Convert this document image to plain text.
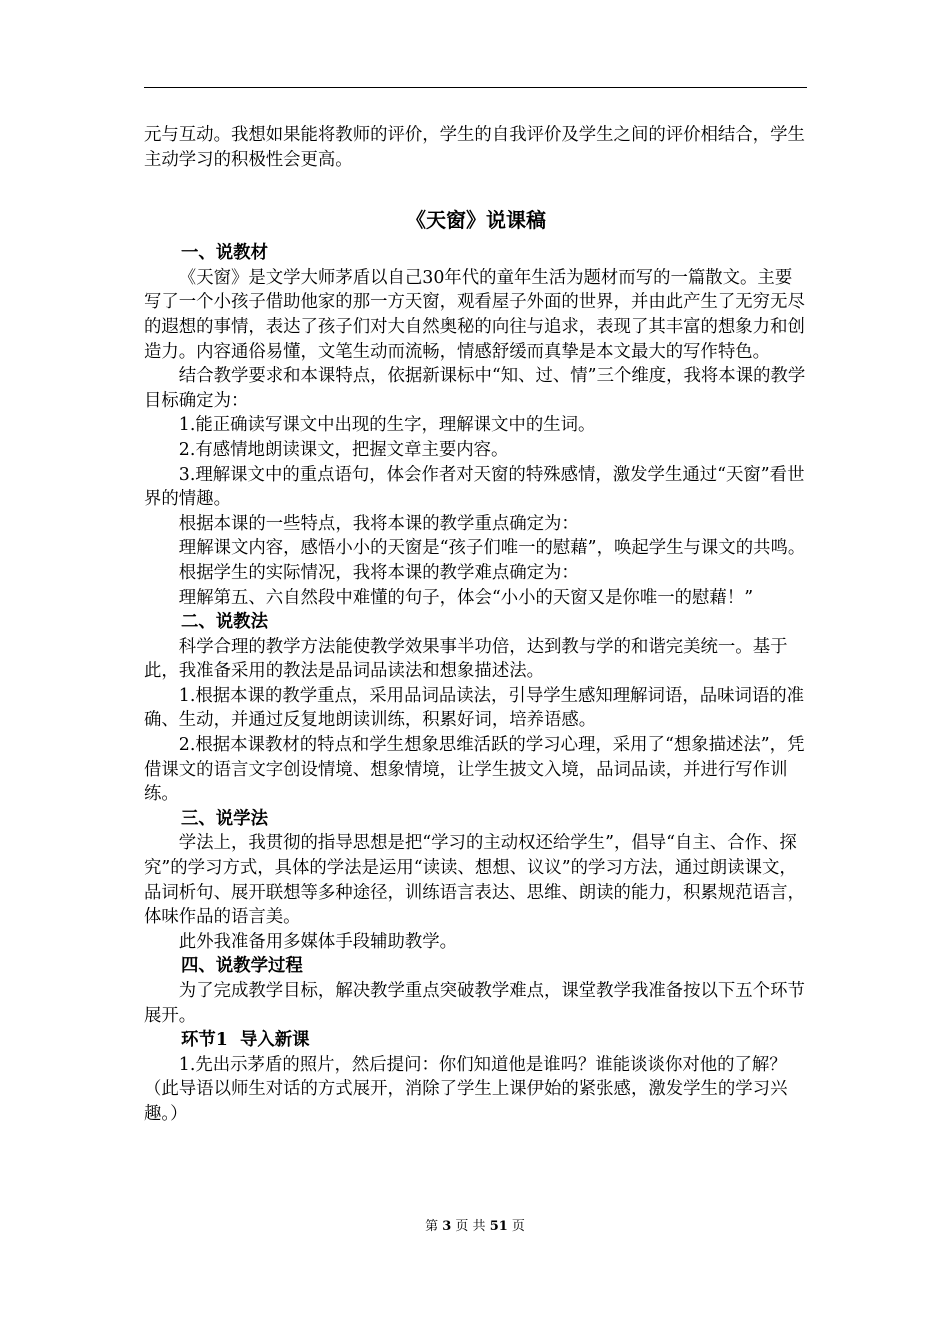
元与互动。我想如果能将教师的评价，学生的自我评价及学生之间的评价相结合，学生主动学习的积极性会更高。

《天窗》说课稿

一、说教材

《天窗》是文学大师茅盾以自己30年代的童年生活为题材而写的一篇散文。主要写了一个小孩子借助他家的那一方天窗，观看屋子外面的世界，并由此产生了无穷无尽的遐想的事情，表达了孩子们对大自然奥秘的向往与追求，表现了其丰富的想象力和创造力。内容通俗易懂，文笔生动而流畅，情感舒缓而真挚是本文最大的写作特色。

结合教学要求和本课特点，依据新课标中“知、过、情”三个维度，我将本课的教学目标确定为：

1.能正确读写课文中出现的生字，理解课文中的生词。

2.有感情地朗读课文，把握文章主要内容。

3.理解课文中的重点语句，体会作者对天窗的特殊感情，激发学生通过“天窗”看世界的情趣。

根据本课的一些特点，我将本课的教学重点确定为：

理解课文内容，感悟小小的天窗是“孩子们唯一的慰藉”，唤起学生与课文的共鸣。

根据学生的实际情况，我将本课的教学难点确定为：

理解第五、六自然段中难懂的句子，体会“小小的天窗又是你唯一的慰藉！”

二、说教法

科学合理的教学方法能使教学效果事半功倍，达到教与学的和谐完美统一。基于此，我准备采用的教法是品词品读法和想象描述法。

1.根据本课的教学重点，采用品词品读法，引导学生感知理解词语，品味词语的准确、生动，并通过反复地朗读训练，积累好词，培养语感。

2.根据本课教材的特点和学生想象思维活跃的学习心理，采用了“想象描述法”，凭借课文的语言文字创设情境、想象情境，让学生披文入境，品词品读，并进行写作训练。

三、说学法

学法上，我贯彻的指导思想是把“学习的主动权还给学生”，倡导“自主、合作、探究”的学习方式，具体的学法是运用“读读、想想、议议”的学习方法，通过朗读课文，品词析句、展开联想等多种途径，训练语言表达、思维、朗读的能力，积累规范语言，体味作品的语言美。

此外我准备用多媒体手段辅助教学。

四、说教学过程

为了完成教学目标，解决教学重点突破教学难点，课堂教学我准备按以下五个环节展开。

环节1  导入新课

1.先出示茅盾的照片，然后提问：你们知道他是谁吗？谁能谈谈你对他的了解？（此导语以师生对话的方式展开，消除了学生上课伊始的紧张感，激发学生的学习兴趣。）

第 3 页 共 51 页
